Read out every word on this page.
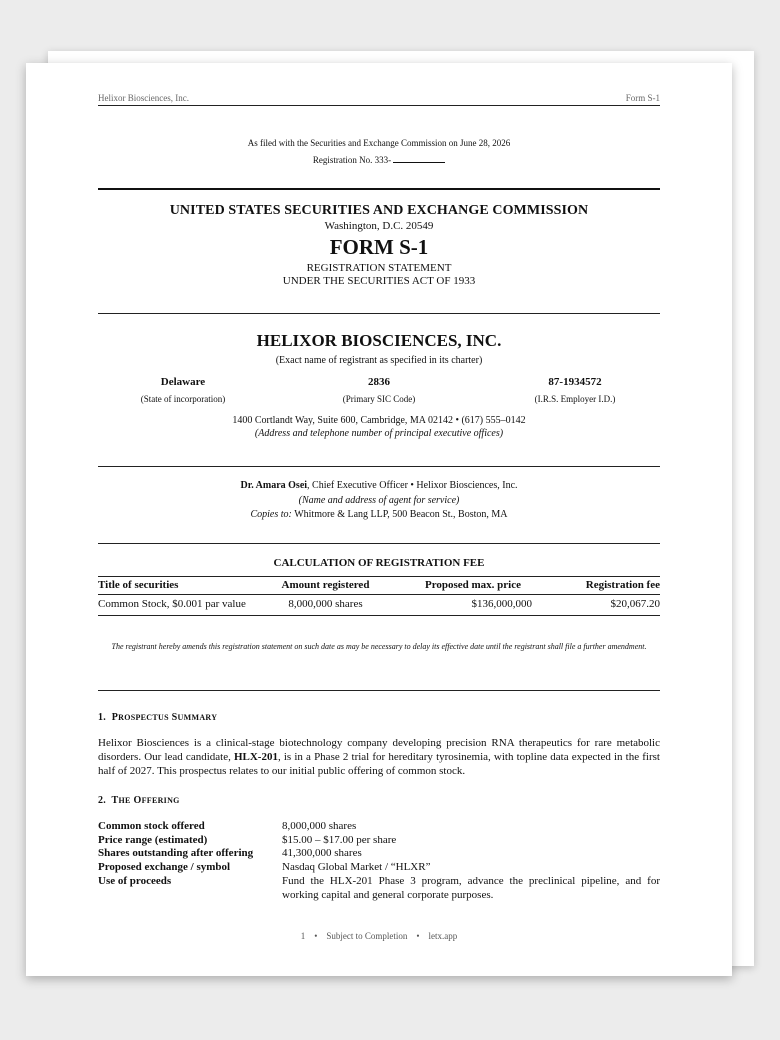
Helixor Biosciences, Inc.	Form S-1
As filed with the Securities and Exchange Commission on June 28, 2026
Registration No. 333-
UNITED STATES SECURITIES AND EXCHANGE COMMISSION
Washington, D.C. 20549
FORM S-1
REGISTRATION STATEMENT
UNDER THE SECURITIES ACT OF 1933
HELIXOR BIOSCIENCES, INC.
(Exact name of registrant as specified in its charter)
Delaware
(State of incorporation)
2836
(Primary SIC Code)
87-1934572
(I.R.S. Employer I.D.)
1400 Cortlandt Way, Suite 600, Cambridge, MA 02142 • (617) 555–0142
(Address and telephone number of principal executive offices)
Dr. Amara Osei, Chief Executive Officer • Helixor Biosciences, Inc.
(Name and address of agent for service)
Copies to: Whitmore & Lang LLP, 500 Beacon St., Boston, MA
CALCULATION OF REGISTRATION FEE
Title of securities	Amount registered	Proposed max. price	Registration fee
Common Stock, $0.001 par value	8,000,000 shares	$136,000,000	$20,067.20
The registrant hereby amends this registration statement on such date as may be necessary to delay its effective date until the registrant shall file a further amendment.
1. PROSPECTUS SUMMARY
Helixor Biosciences is a clinical-stage biotechnology company developing precision RNA therapeutics for rare metabolic disorders. Our lead candidate, HLX-201, is in a Phase 2 trial for hereditary tyrosinemia, with topline data expected in the first half of 2027. This prospectus relates to our initial public offering of common stock.
2. THE OFFERING
Common stock offered	8,000,000 shares
Price range (estimated)	$15.00 – $17.00 per share
Shares outstanding after offering	41,300,000 shares
Proposed exchange / symbol	Nasdaq Global Market / “HLXR”
Use of proceeds	Fund the HLX-201 Phase 3 program, advance the preclinical pipeline, and for working capital and general corporate purposes.
1 • Subject to Completion • letx.app
